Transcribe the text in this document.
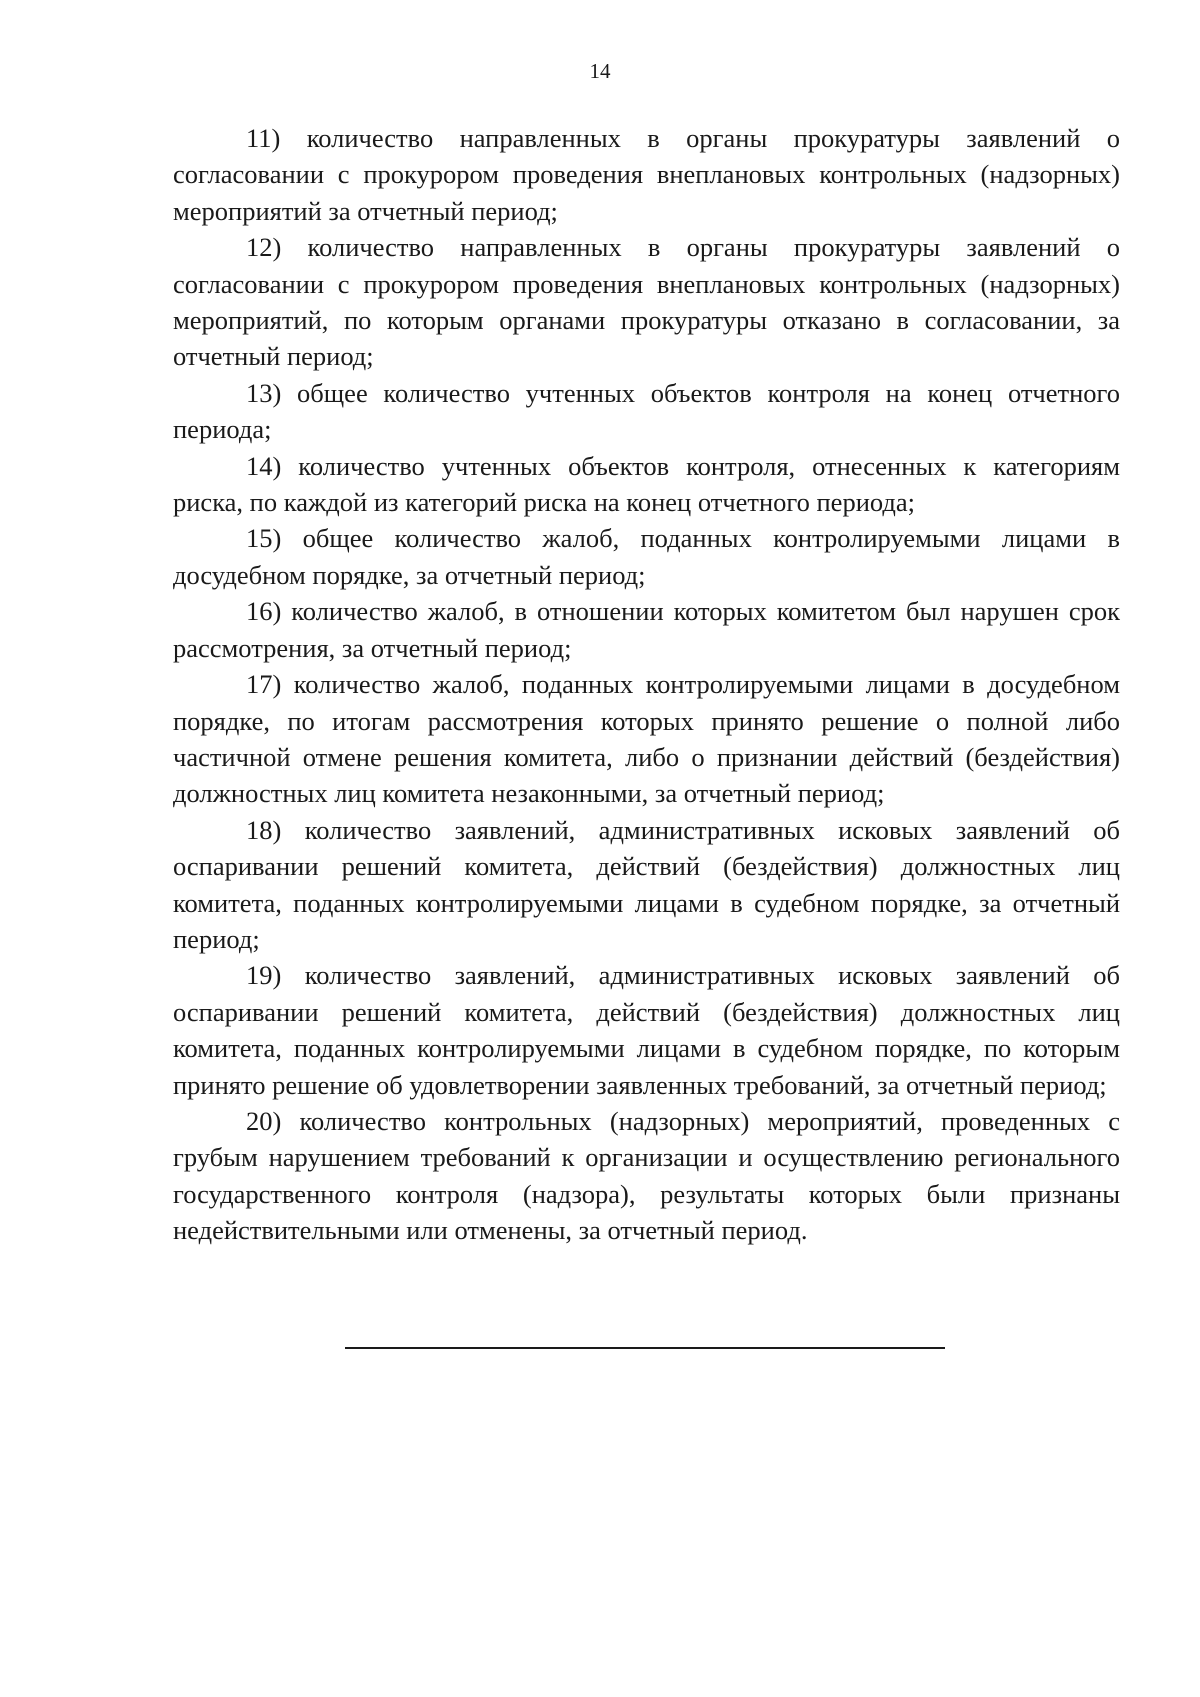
14

11) количество направленных в органы прокуратуры заявлений о согласовании с прокурором проведения внеплановых контрольных (надзорных) мероприятий за отчетный период;

12) количество направленных в органы прокуратуры заявлений о согласовании с прокурором проведения внеплановых контрольных (надзорных) мероприятий, по которым органами прокуратуры отказано в согласовании, за отчетный период;

13) общее количество учтенных объектов контроля на конец отчетного периода;

14) количество учтенных объектов контроля, отнесенных к категориям риска, по каждой из категорий риска на конец отчетного периода;

15) общее количество жалоб, поданных контролируемыми лицами в досудебном порядке, за отчетный период;

16) количество жалоб, в отношении которых комитетом был нарушен срок рассмотрения, за отчетный период;

17) количество жалоб, поданных контролируемыми лицами в досудебном порядке, по итогам рассмотрения которых принято решение о полной либо частичной отмене решения комитета, либо о признании действий (бездействия) должностных лиц комитета незаконными, за отчетный период;

18) количество заявлений, административных исковых заявлений об оспаривании решений комитета, действий (бездействия) должностных лиц комитета, поданных контролируемыми лицами в судебном порядке, за отчетный период;

19) количество заявлений, административных исковых заявлений об оспаривании решений комитета, действий (бездействия) должностных лиц комитета, поданных контролируемыми лицами в судебном порядке, по которым принято решение об удовлетворении заявленных требований, за отчетный период;

20) количество контрольных (надзорных) мероприятий, проведенных с грубым нарушением требований к организации и осуществлению регионального государственного контроля (надзора), результаты которых были признаны недействительными или отменены, за отчетный период.
